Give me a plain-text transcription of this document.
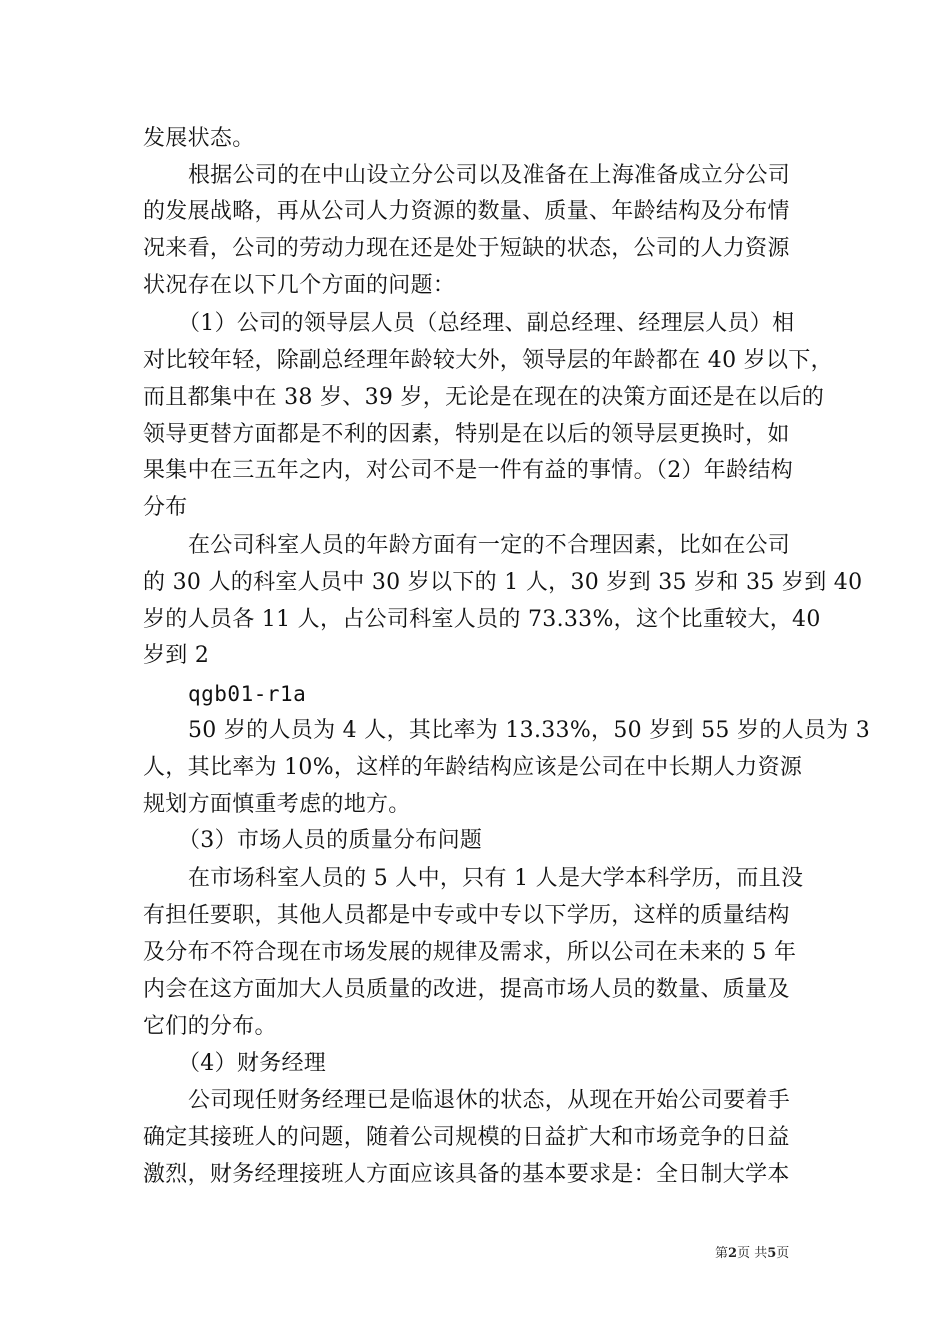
发展状态。
根据公司的在中山设立分公司以及准备在上海准备成立分公司
的发展战略，再从公司人力资源的数量、质量、年龄结构及分布情
况来看，公司的劳动力现在还是处于短缺的状态，公司的人力资源
状况存在以下几个方面的问题：
（1）公司的领导层人员（总经理、副总经理、经理层人员）相
对比较年轻，除副总经理年龄较大外，领导层的年龄都在 40 岁以下，
而且都集中在 38 岁、39 岁，无论是在现在的决策方面还是在以后的
领导更替方面都是不利的因素，特别是在以后的领导层更换时，如
果集中在三五年之内，对公司不是一件有益的事情。（2）年龄结构
分布
在公司科室人员的年龄方面有一定的不合理因素，比如在公司
的 30 人的科室人员中 30 岁以下的 1 人，30 岁到 35 岁和 35 岁到 40
岁的人员各 11 人，占公司科室人员的 73.33%，这个比重较大，40
岁到 2
qgb01-r1a
50 岁的人员为 4 人，其比率为 13.33%，50 岁到 55 岁的人员为 3
人，其比率为 10%，这样的年龄结构应该是公司在中长期人力资源
规划方面慎重考虑的地方。
（3）市场人员的质量分布问题
在市场科室人员的 5 人中，只有 1 人是大学本科学历，而且没
有担任要职，其他人员都是中专或中专以下学历，这样的质量结构
及分布不符合现在市场发展的规律及需求，所以公司在未来的 5 年
内会在这方面加大人员质量的改进，提高市场人员的数量、质量及
它们的分布。
（4）财务经理
公司现任财务经理已是临退休的状态，从现在开始公司要着手
确定其接班人的问题，随着公司规模的日益扩大和市场竞争的日益
激烈，财务经理接班人方面应该具备的基本要求是：全日制大学本
第2页 共5页
